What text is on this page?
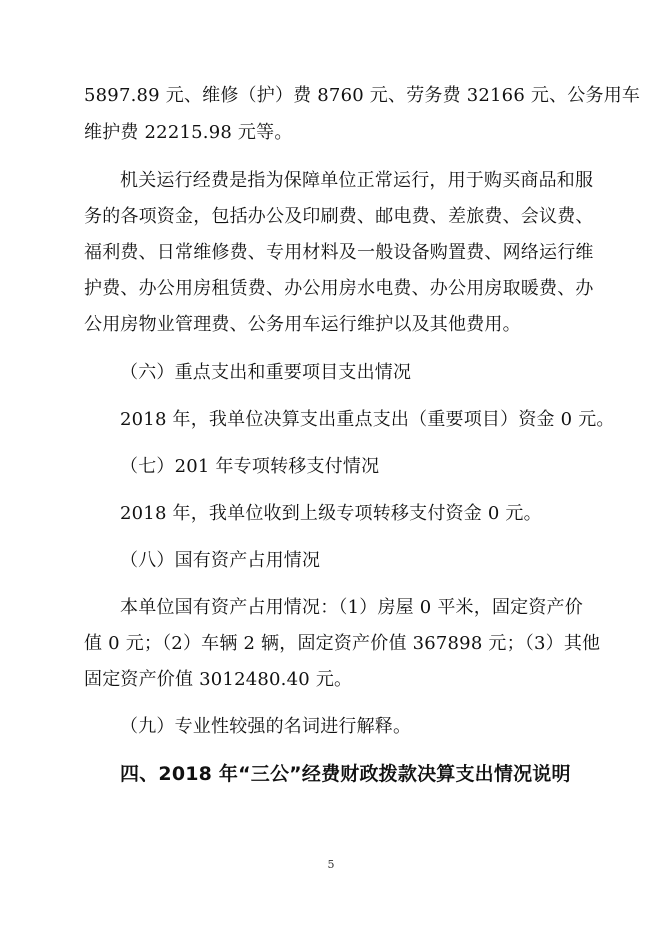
5897.89 元、维修（护）费 8760 元、劳务费 32166 元、公务用车
维护费 22215.98 元等。
机关运行经费是指为保障单位正常运行，用于购买商品和服
务的各项资金，包括办公及印刷费、邮电费、差旅费、会议费、
福利费、日常维修费、专用材料及一般设备购置费、网络运行维
护费、办公用房租赁费、办公用房水电费、办公用房取暖费、办
公用房物业管理费、公务用车运行维护以及其他费用。
（六）重点支出和重要项目支出情况
2018 年，我单位决算支出重点支出（重要项目）资金 0 元。
（七）201 年专项转移支付情况
2018 年，我单位收到上级专项转移支付资金 0 元。
（八）国有资产占用情况
本单位国有资产占用情况：（1）房屋 0 平米，固定资产价
值 0 元；（2）车辆 2 辆，固定资产价值 367898 元；（3）其他
固定资产价值 3012480.40 元。
（九）专业性较强的名词进行解释。
四、2018 年“三公”经费财政拨款决算支出情况说明
5
